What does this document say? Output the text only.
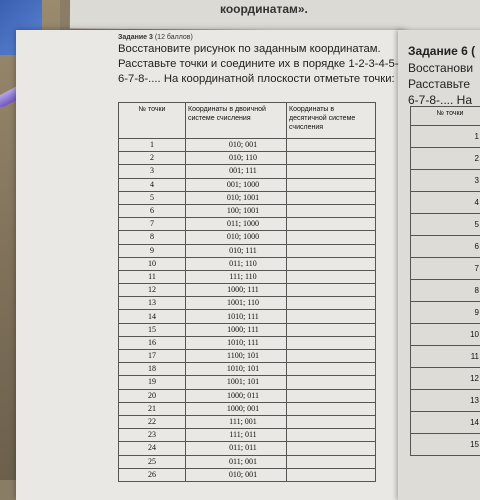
координатам».
Задание 3 (12 баллов)

Восстановите рисунок по заданным координатам. Расставьте точки и соедините их в порядке 1-2-3-4-5-6-7-8-.... На координатной плоскости отметьте точки:

№ точки	Координаты в двоичной системе счисления	Координаты в десятичной системе счисления
1	010; 001	
2	010; 110	
3	001; 111	
4	001; 1000	
5	010; 1001	
6	100; 1001	
7	011; 1000	
8	010; 1000	
9	010; 111	
10	011; 110	
11	111; 110	
12	1000; 111	
13	1001; 110	
14	1010; 111	
15	1000; 111	
16	1010; 111	
17	1100; 101	
18	1010; 101	
19	1001; 101	
20	1000; 011	
21	1000; 001	
22	111; 001	
23	111; 011	
24	011; 011	
25	011; 001	
26	010; 001	
Задание 6 (
Восстанови
Расставьте
6-7-8-.... На
№ точки
1
2
3
4
5
6
7
8
9
10
11
12
13
14
15
